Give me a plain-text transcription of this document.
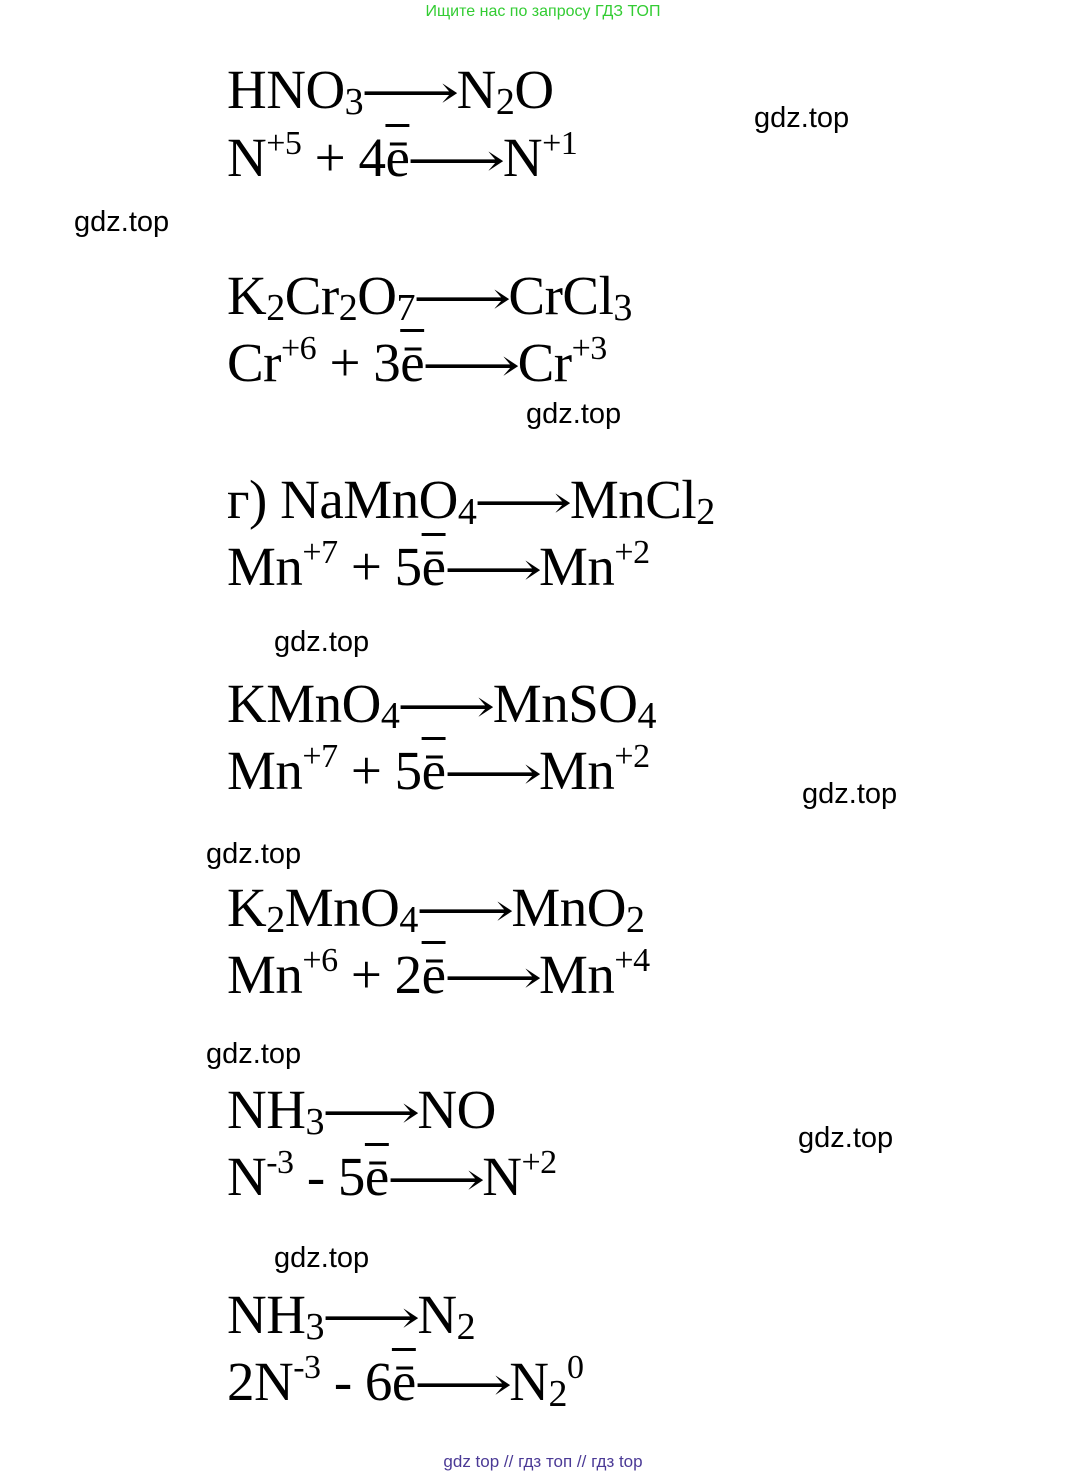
Ищите нас по запросу ГДЗ ТОП
$HNO_3⟶N_2O$
$N^{+5}$ + $4\overline{ē}⟶N^{+1}$
$K_2Cr_2O_7⟶CrCl_3$
$Cr^{+6}$ + $3\overline{ē}⟶Cr^{+3}$
г) NaMnO$_4$⟶MnCl$_2$
$Mn^{+7}$ + $5\overline{ē}⟶Mn^{+2}$
KMnO$_4$⟶MnSO$_4$
$Mn^{+7}$ + $5\overline{ē}⟶Mn^{+2}$
$K_2MnO_4⟶MnO_2$
$Mn^{+6}$ + $2\overline{ē}⟶Mn^{+4}$
$NH_3⟶NO$
$N^{-3}$ - $5\overline{ē}⟶N^{+2}$
$NH_3⟶N_2$
$2N^{-3}$ - $6\overline{ē}⟶N_2^0$
gdz.top
gdz.top
gdz.top
gdz.top
gdz.top
gdz.top
gdz.top
gdz.top
gdz.top
gdz top // гдз топ // гдз top
